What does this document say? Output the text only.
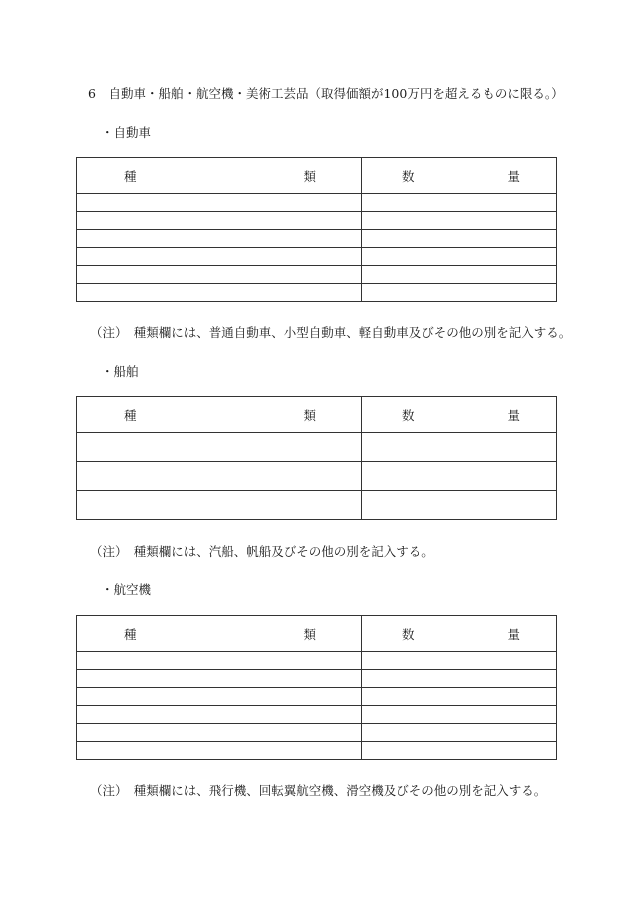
6　自動車・船舶・航空機・美術工芸品（取得価額が100万円を超えるものに限る。）
・自動車
種 類	数 量

（注）　種類欄には、普通自動車、小型自動車、軽自動車及びその他の別を記入する。
・船舶
種 類	数 量

（注）　種類欄には、汽船、帆船及びその他の別を記入する。
・航空機
種 類	数 量

（注）　種類欄には、飛行機、回転翼航空機、滑空機及びその他の別を記入する。
